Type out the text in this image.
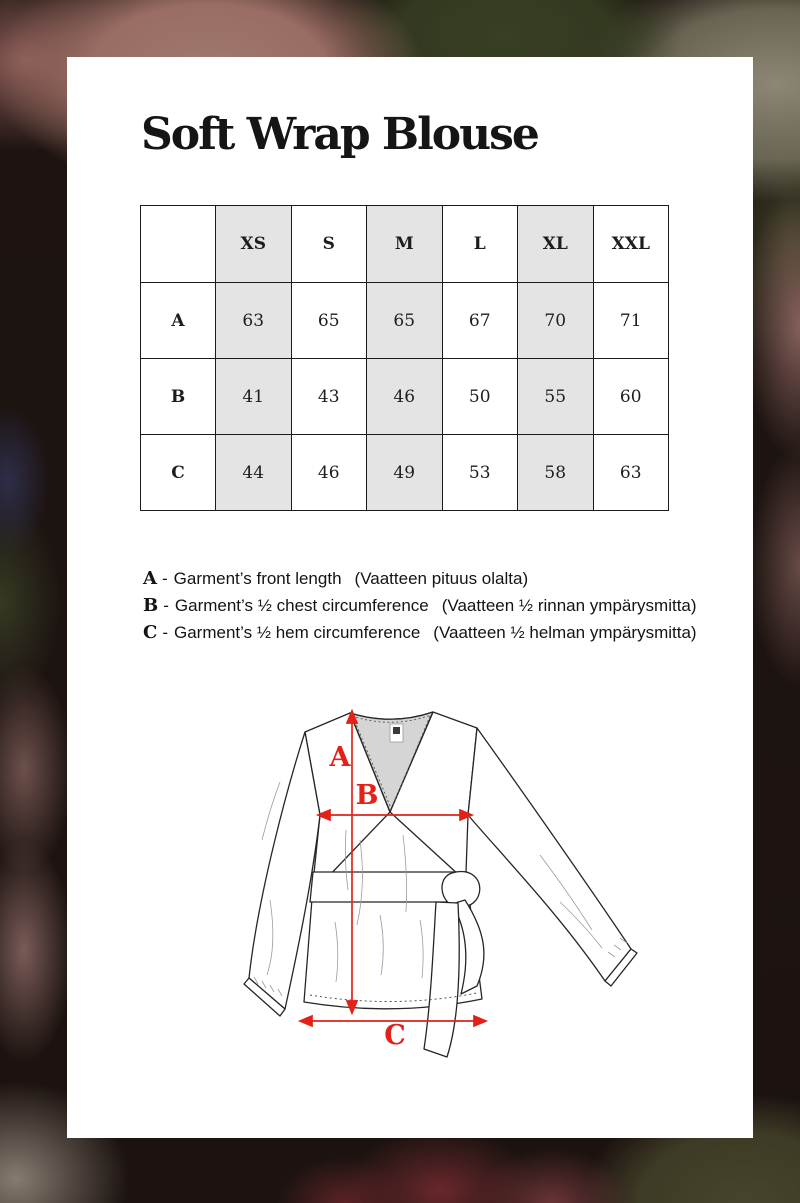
Soft Wrap Blouse
	XS	S	M	L	XL	XXL
A	63	65	65	67	70	71
B	41	43	46	50	55	60
C	44	46	49	53	58	63
A - Garment’s front length (Vaatteen pituus olalta)
B - Garment’s ½ chest circumference (Vaatteen ½ rinnan ympärysmitta)
C - Garment’s ½ hem circumference (Vaatteen ½ helman ympärysmitta)
A
B
C
